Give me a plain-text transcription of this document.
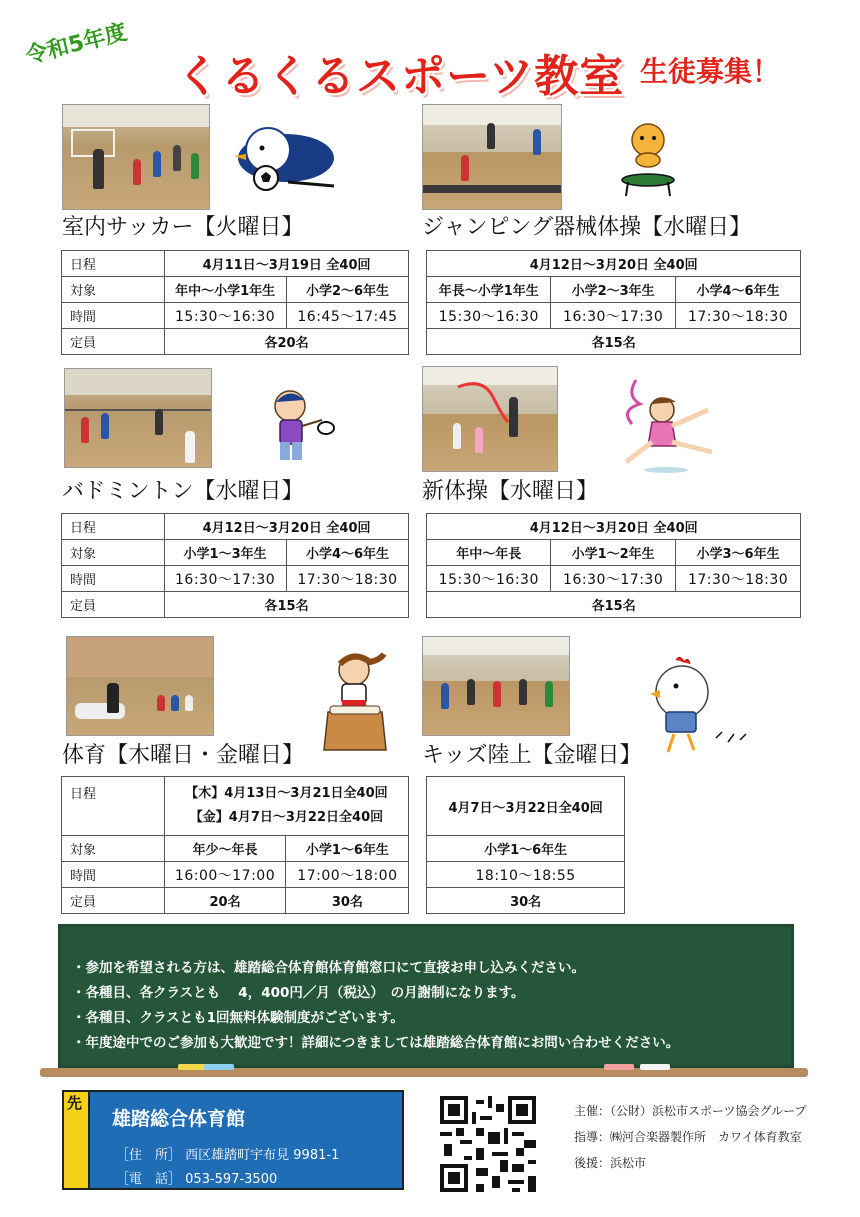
令和5年度
くるくるスポーツ教室 生徒募集！
室内サッカー【火曜日】	ジャンピング器械体操【水曜日】
日程	4月11日～3月19日 全40回			4月12日～3月20日 全40回		
対象	年中～小学1年生	小学2～6年生		年長～小学1年生	小学2～3年生	小学4～6年生
時間	15:30～16:30	16:45～17:45		15:30～16:30	16:30～17:30	17:30～18:30
定員	各20名			各15名		
バドミントン【水曜日】	新体操【水曜日】
日程	4月12日～3月20日 全40回			4月12日～3月20日 全40回		
対象	小学1～3年生	小学4～6年生		年中～年長	小学1～2年生	小学3～6年生
時間	16:30～17:30	17:30～18:30		15:30～16:30	16:30～17:30	17:30～18:30
定員	各15名			各15名		
体育【木曜日・金曜日】	キッズ陸上【金曜日】
日程	【木】4月13日～3月21日全40回
【金】4月7日～3月22日全40回			4月7日～3月22日全40回
対象	年少～年長	小学1～6年生		小学1～6年生
時間	16:00～17:00	17:00～18:00		18:10～18:55
定員	20名	30名		30名
・参加を希望される方は、雄踏総合体育館体育館窓口にて直接お申し込みください。
・各種目、各クラスとも　 4，400円／月（税込）　の月謝制になります。
・各種目、クラスとも1回無料体験制度がございます。
・年度途中でのご参加も大歓迎です！詳細につきましては雄踏総合体育館にお問い合わせください。
先
雄踏総合体育館
［住　所］ 西区雄踏町宇布見 9981-1
［電　話］ 053-597-3500
主催：（公財）浜松市スポーツ協会グループ
指導：㈱河合楽器製作所　カワイ体育教室
後援：浜松市
